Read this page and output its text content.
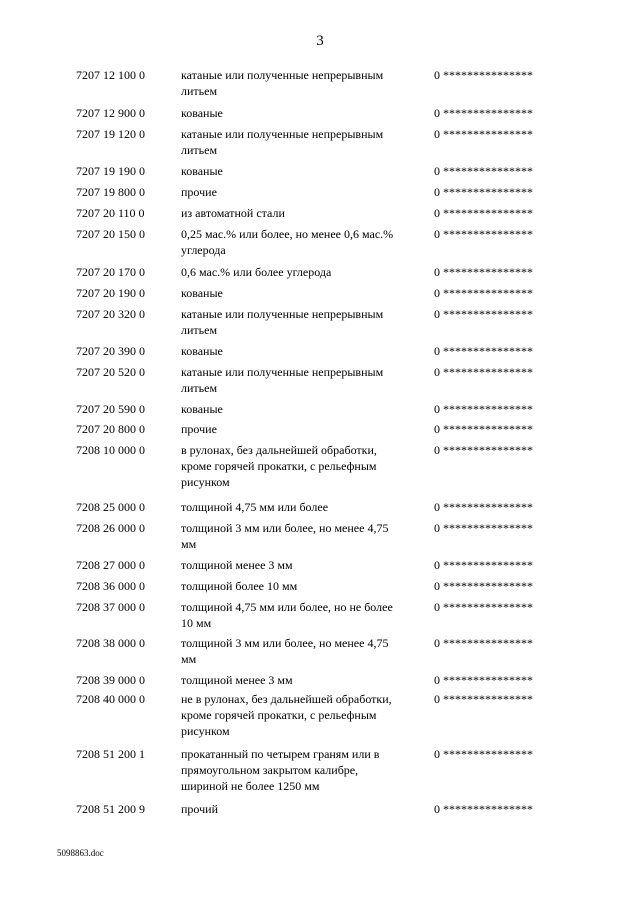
3
7207 12 100 0	катаные или полученные непрерывным литьем
0 ***************
7207 12 900 0	кованые	0 ***************
7207 19 120 0	катаные или полученные непрерывным литьем
0 ***************
7207 19 190 0	кованые	0 ***************
7207 19 800 0	прочие	0 ***************
7207 20 110 0	из автоматной стали	0 ***************
7207 20 150 0	0,25 мас.% или более, но менее 0,6 мас.% углерода
0 ***************
7207 20 170 0	0,6 мас.% или более углерода	0 ***************
7207 20 190 0	кованые	0 ***************
7207 20 320 0	катаные или полученные непрерывным литьем
0 ***************
7207 20 390 0	кованые	0 ***************
7207 20 520 0	катаные или полученные непрерывным литьем
0 ***************
7207 20 590 0	кованые	0 ***************
7207 20 800 0	прочие	0 ***************
7208 10 000 0	в рулонах, без дальнейшей обработки, кроме горячей прокатки, с рельефным рисунком
0 ***************
7208 25 000 0	толщиной 4,75 мм или более	0 ***************
7208 26 000 0	толщиной 3 мм или более, но менее 4,75 мм
0 ***************
7208 27 000 0	толщиной менее 3 мм	0 ***************
7208 36 000 0	толщиной более 10 мм	0 ***************
7208 37 000 0	толщиной 4,75 мм или более, но не более 10 мм
0 ***************
7208 38 000 0	толщиной 3 мм или более, но менее 4,75 мм
0 ***************
7208 39 000 0	толщиной менее 3 мм	0 ***************
7208 40 000 0	не в рулонах, без дальнейшей обработки, кроме горячей прокатки, с рельефным рисунком
0 ***************
7208 51 200 1	прокатанный по четырем граням или в прямоугольном закрытом калибре, шириной не более 1250 мм
0 ***************
7208 51 200 9	прочий	0 ***************
5098863.doc
